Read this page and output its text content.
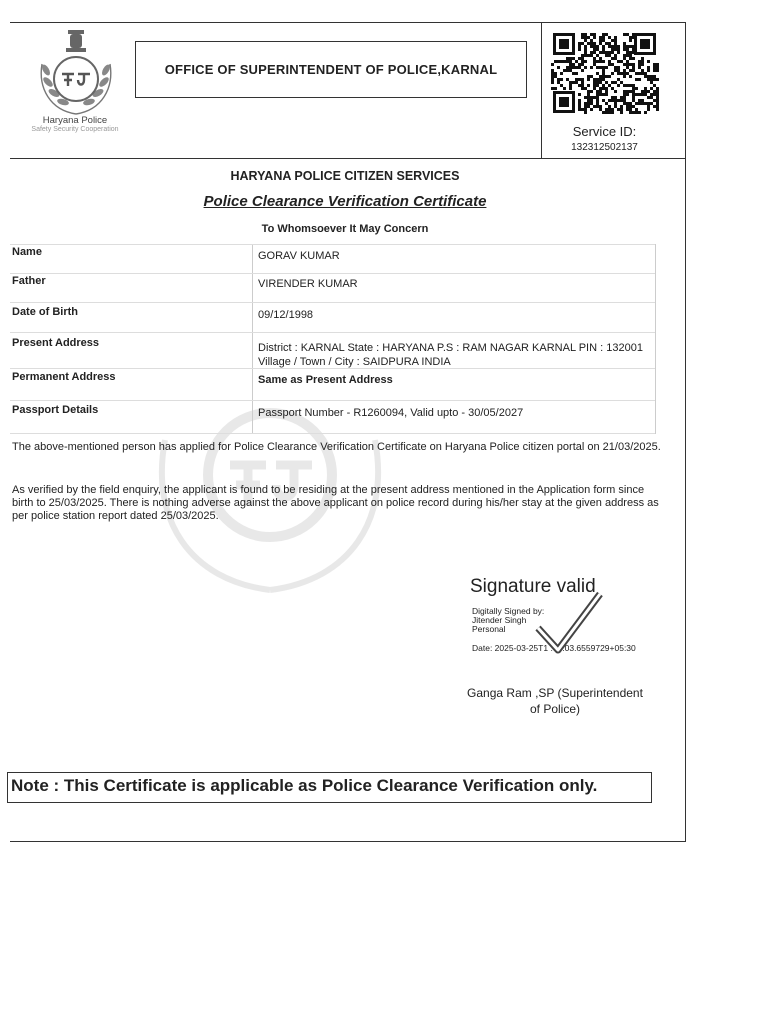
Haryana Police
Safety Security Cooperation
OFFICE OF SUPERINTENDENT OF POLICE,KARNAL
Service ID:
132312502137
HARYANA POLICE CITIZEN SERVICES
Police Clearance Verification Certificate
To Whomsoever It May Concern
Name	GORAV KUMAR
Father	VIRENDER KUMAR
Date of Birth	09/12/1998
Present Address	District : KARNAL State : HARYANA P.S : RAM NAGAR KARNAL PIN : 132001 Village / Town / City : SAIDPURA INDIA
Permanent Address	Same as Present Address
Passport Details	Passport Number - R1260094, Valid upto - 30/05/2027
The above-mentioned person has applied for Police Clearance Verification Certificate on Haryana Police citizen portal on 21/03/2025.
As verified by the field enquiry, the applicant is found to be residing at the present address mentioned in the Application form since birth to 25/03/2025. There is nothing adverse against the above applicant on police record during his/her stay at the given address as per police station report dated 25/03/2025.
Signature valid
Digitally Signed by:
Jitender Singh
Personal
Date: 2025-03-25T1 :07:03.6559729+05:30
Ganga Ram ,SP (Superintendent
of Police)
Note : This Certificate is applicable as Police Clearance Verification only.
